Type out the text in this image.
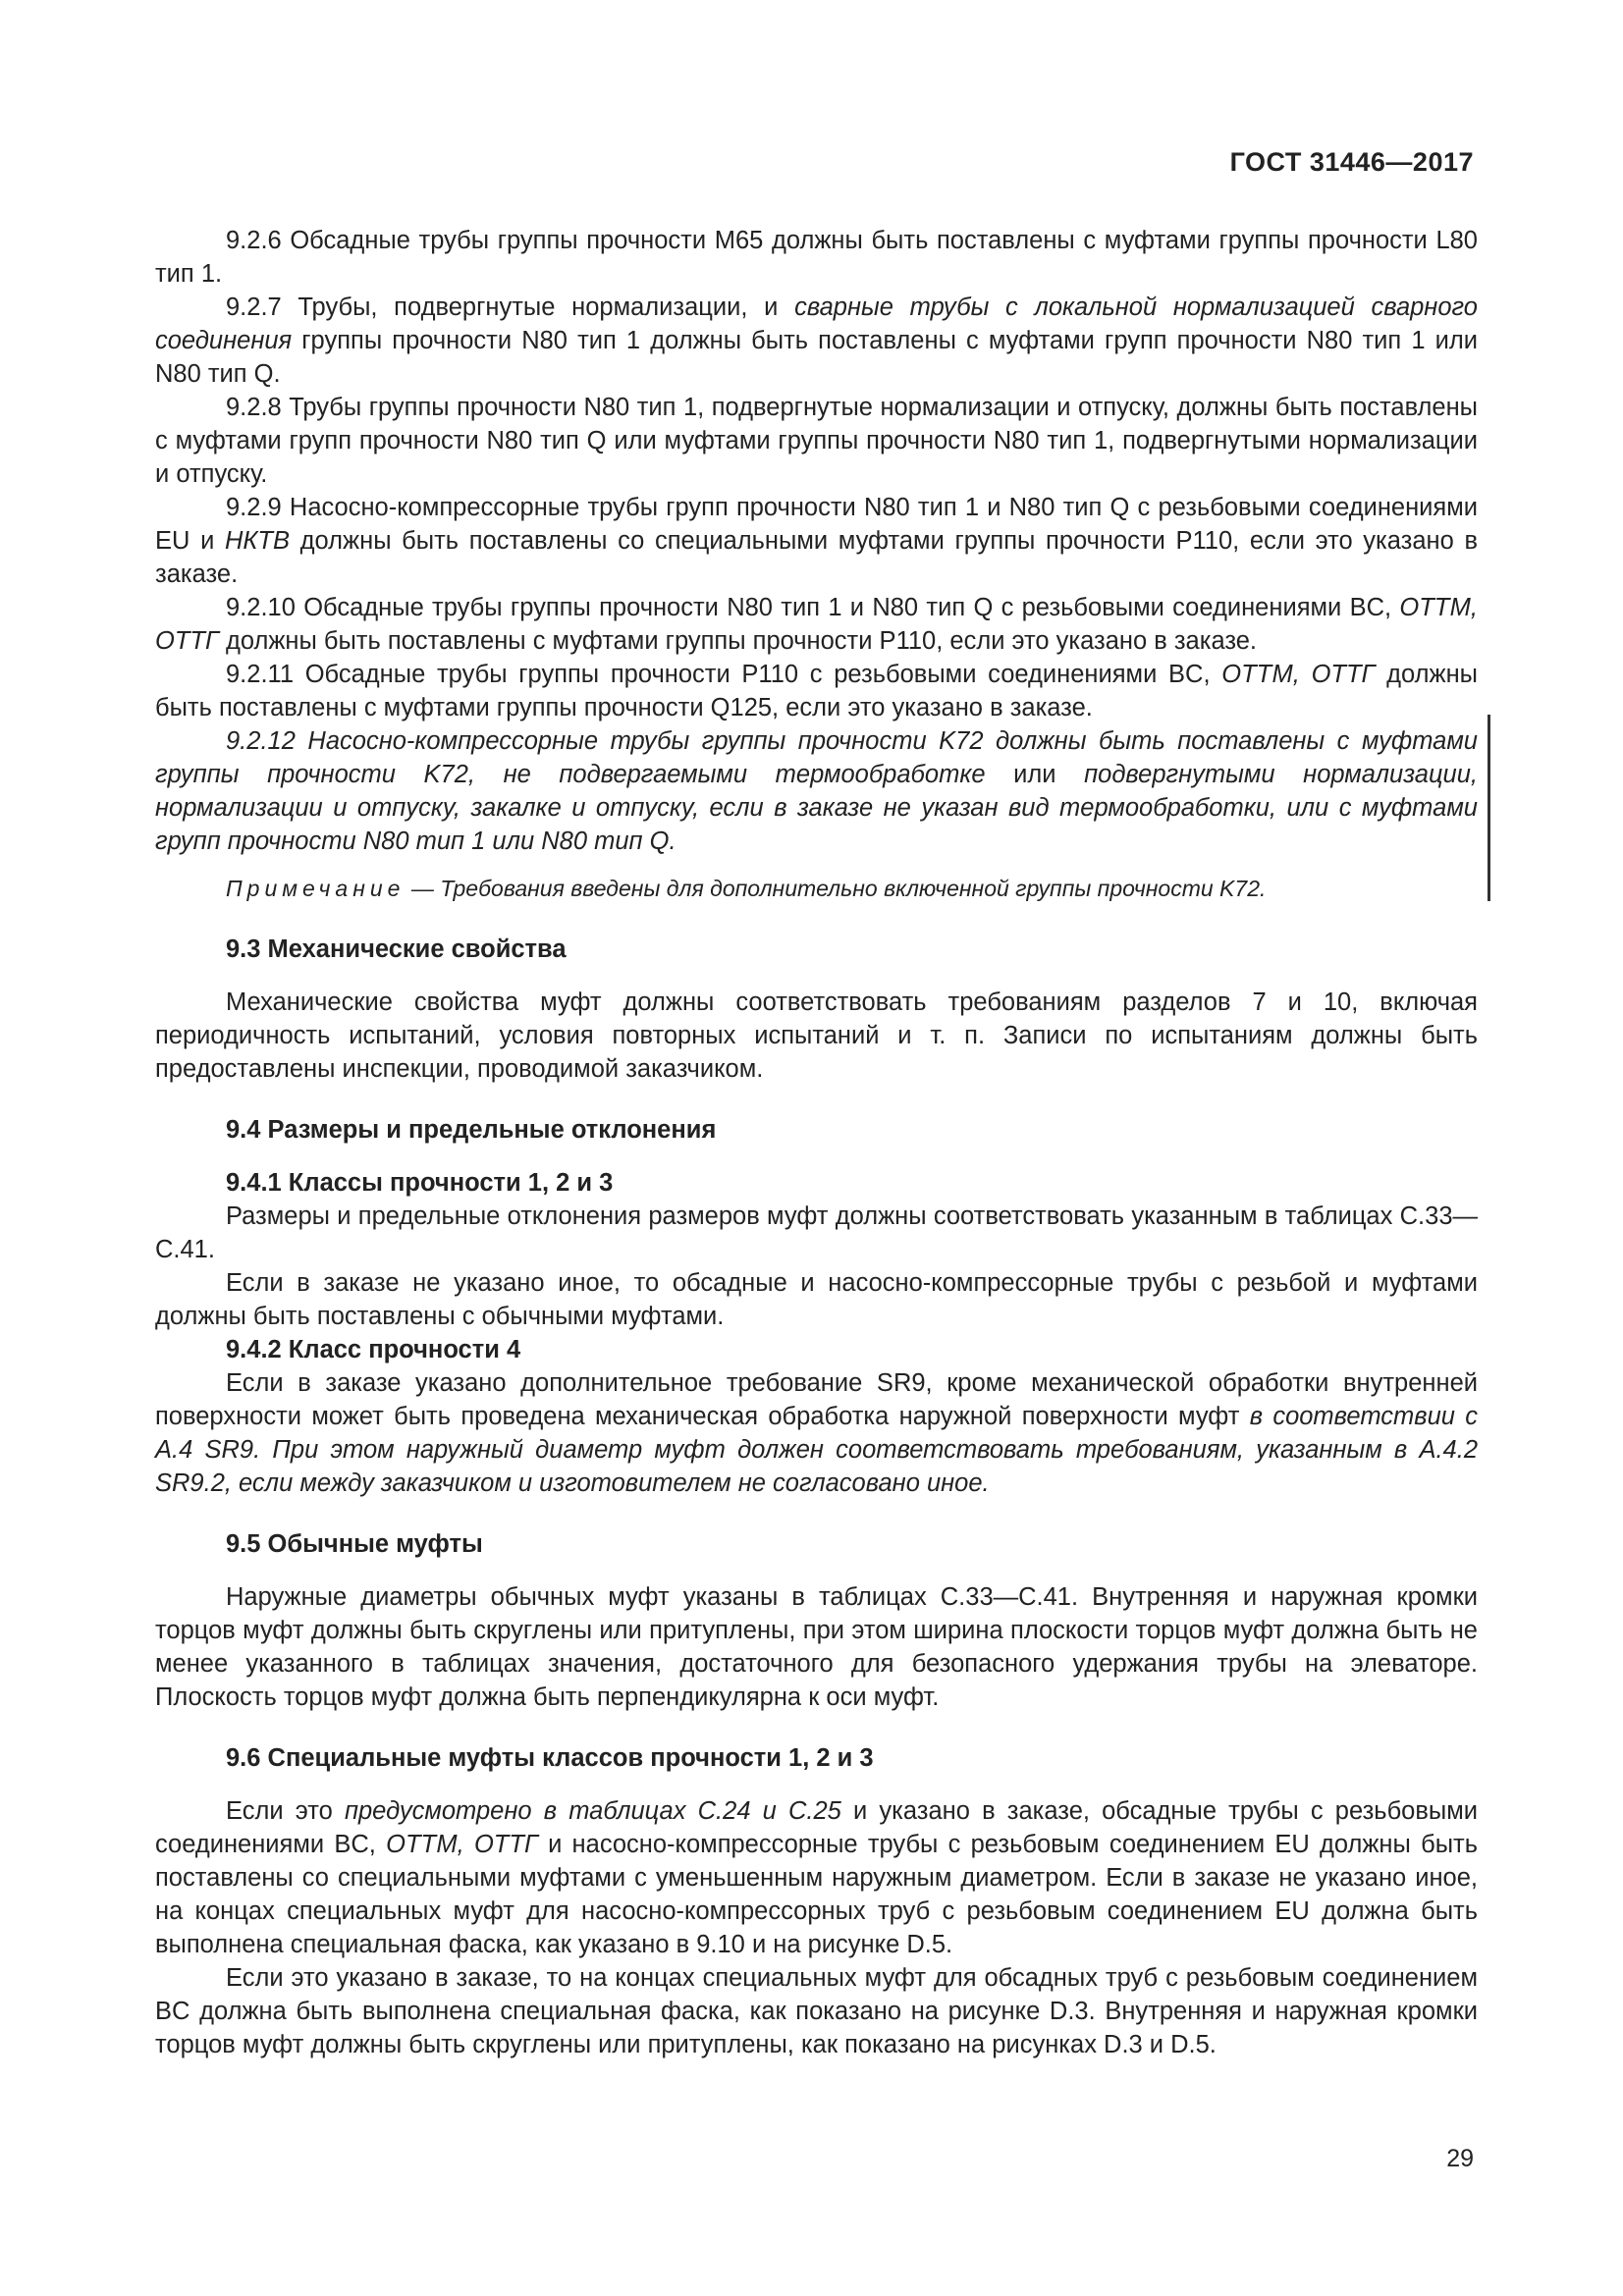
ГОСТ 31446—2017

9.2.6 Обсадные трубы группы прочности M65 должны быть поставлены с муфтами группы прочности L80 тип 1.

9.2.7 Трубы, подвергнутые нормализации, и сварные трубы с локальной нормализацией сварного соединения группы прочности N80 тип 1 должны быть поставлены с муфтами групп прочности N80 тип 1 или N80 тип Q.

9.2.8 Трубы группы прочности N80 тип 1, подвергнутые нормализации и отпуску, должны быть поставлены с муфтами групп прочности N80 тип Q или муфтами группы прочности N80 тип 1, подвергнутыми нормализации и отпуску.

9.2.9 Насосно-компрессорные трубы групп прочности N80 тип 1 и N80 тип Q с резьбовыми соединениями EU и НКТВ должны быть поставлены со специальными муфтами группы прочности P110, если это указано в заказе.

9.2.10 Обсадные трубы группы прочности N80 тип 1 и N80 тип Q с резьбовыми соединениями BC, ОТТМ, ОТТГ должны быть поставлены с муфтами группы прочности P110, если это указано в заказе.

9.2.11 Обсадные трубы группы прочности P110 с резьбовыми соединениями BC, ОТТМ, ОТТГ должны быть поставлены с муфтами группы прочности Q125, если это указано в заказе.

9.2.12 Насосно-компрессорные трубы группы прочности K72 должны быть поставлены с муфтами группы прочности K72, не подвергаемыми термообработке или подвергнутыми нормализации, нормализации и отпуску, закалке и отпуску, если в заказе не указан вид термообработки, или с муфтами групп прочности N80 тип 1 или N80 тип Q.

Примечание — Требования введены для дополнительно включенной группы прочности K72.

9.3 Механические свойства

Механические свойства муфт должны соответствовать требованиям разделов 7 и 10, включая периодичность испытаний, условия повторных испытаний и т. п. Записи по испытаниям должны быть предоставлены инспекции, проводимой заказчиком.

9.4 Размеры и предельные отклонения
9.4.1 Классы прочности 1, 2 и 3

Размеры и предельные отклонения размеров муфт должны соответствовать указанным в таблицах C.33—C.41.

Если в заказе не указано иное, то обсадные и насосно-компрессорные трубы с резьбой и муфтами должны быть поставлены с обычными муфтами.

9.4.2 Класс прочности 4

Если в заказе указано дополнительное требование SR9, кроме механической обработки внутренней поверхности может быть проведена механическая обработка наружной поверхности муфт в соответствии с А.4 SR9. При этом наружный диаметр муфт должен соответствовать требованиям, указанным в А.4.2 SR9.2, если между заказчиком и изготовителем не согласовано иное.

9.5 Обычные муфты

Наружные диаметры обычных муфт указаны в таблицах C.33—C.41. Внутренняя и наружная кромки торцов муфт должны быть скруглены или притуплены, при этом ширина плоскости торцов муфт должна быть не менее указанного в таблицах значения, достаточного для безопасного удержания трубы на элеваторе. Плоскость торцов муфт должна быть перпендикулярна к оси муфт.

9.6 Специальные муфты классов прочности 1, 2 и 3

Если это предусмотрено в таблицах С.24 и С.25 и указано в заказе, обсадные трубы с резьбовыми соединениями BC, ОТТМ, ОТТГ и насосно-компрессорные трубы с резьбовым соединением EU должны быть поставлены со специальными муфтами с уменьшенным наружным диаметром. Если в заказе не указано иное, на концах специальных муфт для насосно-компрессорных труб с резьбовым соединением EU должна быть выполнена специальная фаска, как указано в 9.10 и на рисунке D.5.

Если это указано в заказе, то на концах специальных муфт для обсадных труб с резьбовым соединением BC должна быть выполнена специальная фаска, как показано на рисунке D.3. Внутренняя и наружная кромки торцов муфт должны быть скруглены или притуплены, как показано на рисунках D.3 и D.5.

29
